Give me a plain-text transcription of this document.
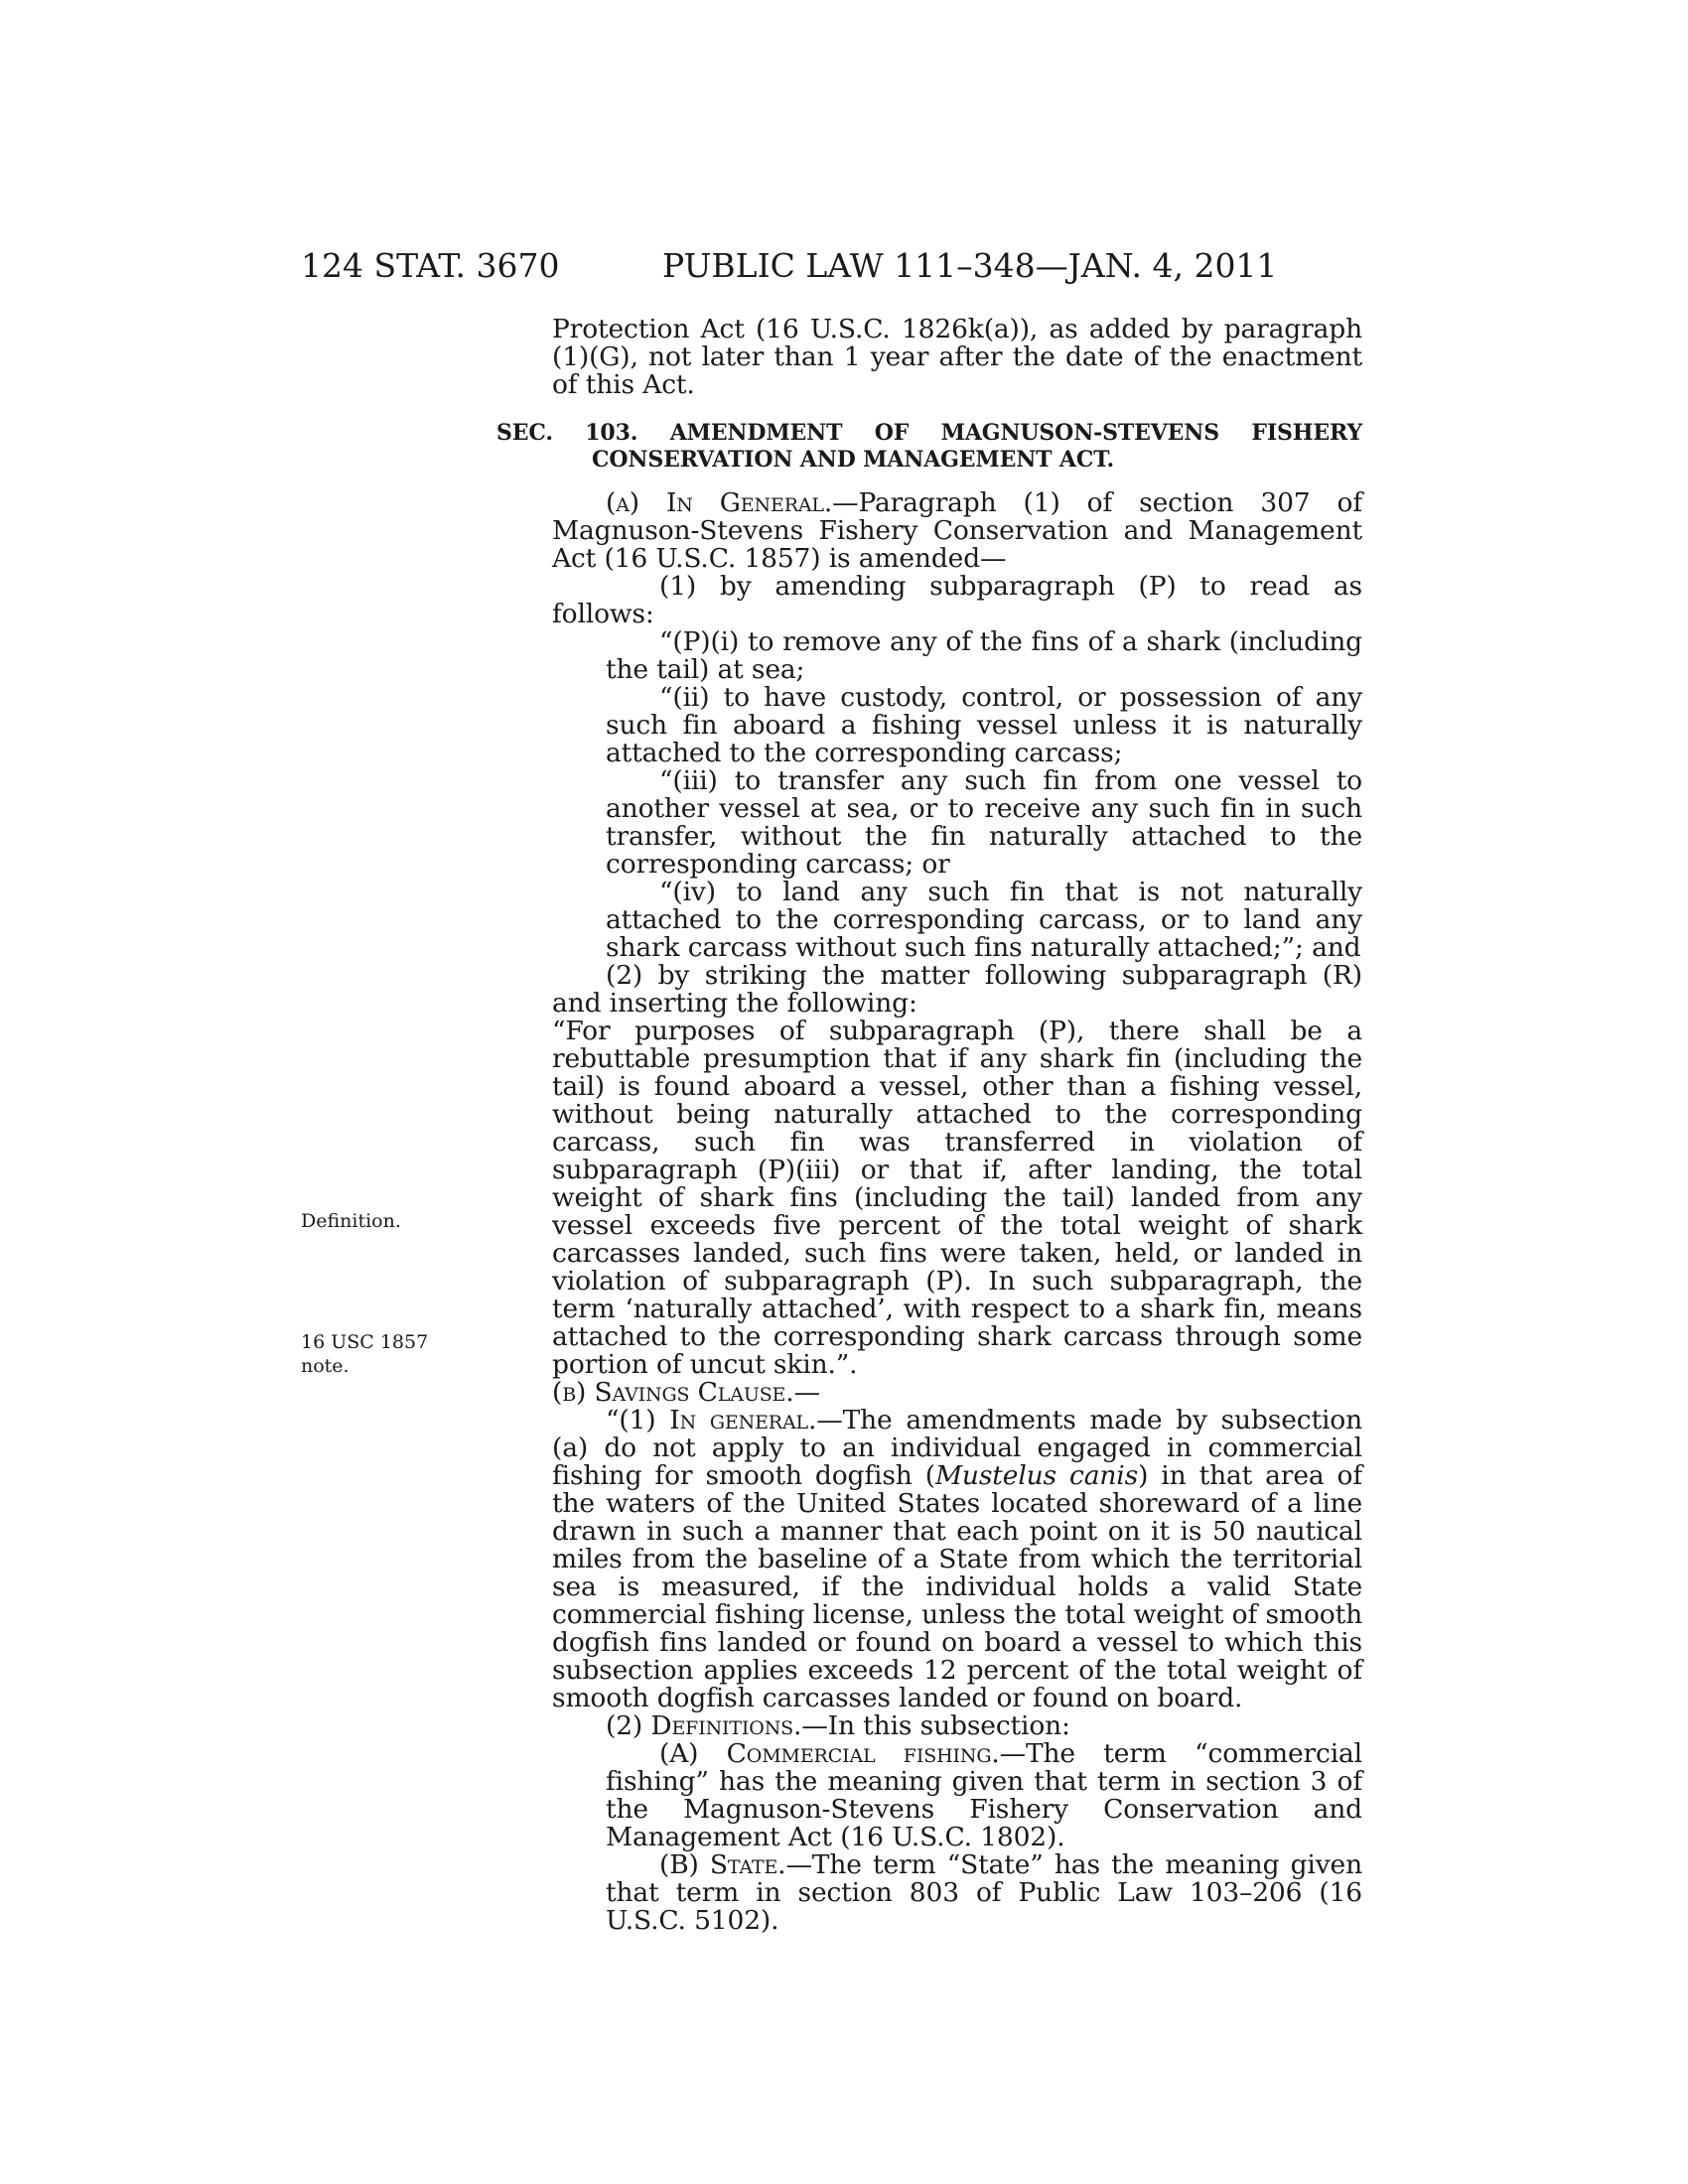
124 STAT. 3670	PUBLIC LAW 111–348—JAN. 4, 2011
Definition.
16 USC 1857 note.

Protection Act (16 U.S.C. 1826k(a)), as added by paragraph (1)(G), not later than 1 year after the date of the enactment of this Act.

SEC. 103. AMENDMENT OF MAGNUSON-STEVENS FISHERY CONSERVATION AND MANAGEMENT ACT.

(a) In General.—Paragraph (1) of section 307 of Magnuson-Stevens Fishery Conservation and Management Act (16 U.S.C. 1857) is amended—

(1) by amending subparagraph (P) to read as follows:

“(P)(i) to remove any of the fins of a shark (including the tail) at sea;

“(ii) to have custody, control, or possession of any such fin aboard a fishing vessel unless it is naturally attached to the corresponding carcass;

“(iii) to transfer any such fin from one vessel to another vessel at sea, or to receive any such fin in such transfer, without the fin naturally attached to the corresponding carcass; or

“(iv) to land any such fin that is not naturally attached to the corresponding carcass, or to land any shark carcass without such fins naturally attached;”; and

(2) by striking the matter following subparagraph (R) and inserting the following:

“For purposes of subparagraph (P), there shall be a rebuttable presumption that if any shark fin (including the tail) is found aboard a vessel, other than a fishing vessel, without being naturally attached to the corresponding carcass, such fin was transferred in violation of subparagraph (P)(iii) or that if, after landing, the total weight of shark fins (including the tail) landed from any vessel exceeds five percent of the total weight of shark carcasses landed, such fins were taken, held, or landed in violation of subparagraph (P). In such subparagraph, the term ‘naturally attached’, with respect to a shark fin, means attached to the corresponding shark carcass through some portion of uncut skin.”.

(b) Savings Clause.—

“(1) In general.—The amendments made by subsection (a) do not apply to an individual engaged in commercial fishing for smooth dogfish (Mustelus canis) in that area of the waters of the United States located shoreward of a line drawn in such a manner that each point on it is 50 nautical miles from the baseline of a State from which the territorial sea is measured, if the individual holds a valid State commercial fishing license, unless the total weight of smooth dogfish fins landed or found on board a vessel to which this subsection applies exceeds 12 percent of the total weight of smooth dogfish carcasses landed or found on board.

(2) Definitions.—In this subsection:

(A) Commercial fishing.—The term “commercial fishing” has the meaning given that term in section 3 of the Magnuson-Stevens Fishery Conservation and Management Act (16 U.S.C. 1802).

(B) State.—The term “State” has the meaning given that term in section 803 of Public Law 103–206 (16 U.S.C. 5102).
